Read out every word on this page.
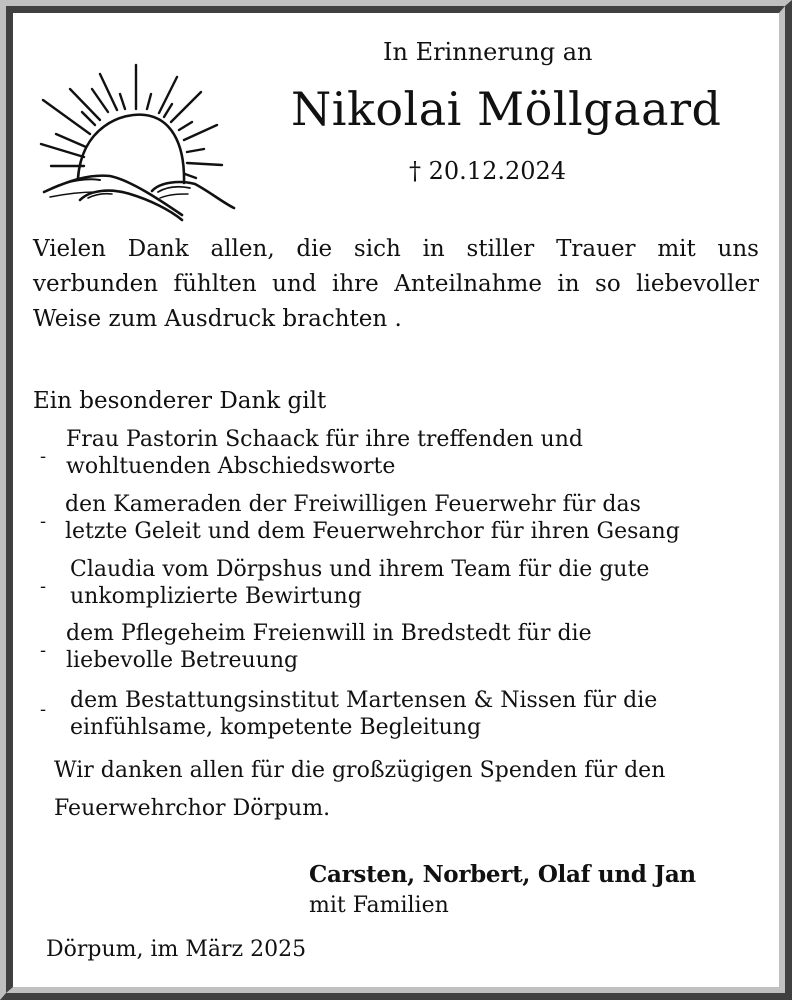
In Erinnerung an
Nikolai Möllgaard
† 20.12.2024
Vielen Dank allen, die sich in stiller Trauer mit uns
verbunden fühlten und ihre Anteilnahme in so liebevoller
Weise zum Ausdruck brachten .
Ein besonderer Dank gilt
-
Frau Pastorin Schaack für ihre treffenden und
wohltuenden Abschiedsworte
-
den Kameraden der Freiwilligen Feuerwehr für das
letzte Geleit und dem Feuerwehrchor für ihren Gesang
-
Claudia vom Dörpshus und ihrem Team für die gute
unkomplizierte Bewirtung
-
dem Pflegeheim Freienwill in Bredstedt für die
liebevolle Betreuung
- dem Bestattungsinstitut Martensen & Nissen für die
einfühlsame, kompetente Begleitung
Wir danken allen für die großzügigen Spenden für den
Feuerwehrchor Dörpum.
Carsten, Norbert, Olaf und Jan
mit Familien
Dörpum, im März 2025
